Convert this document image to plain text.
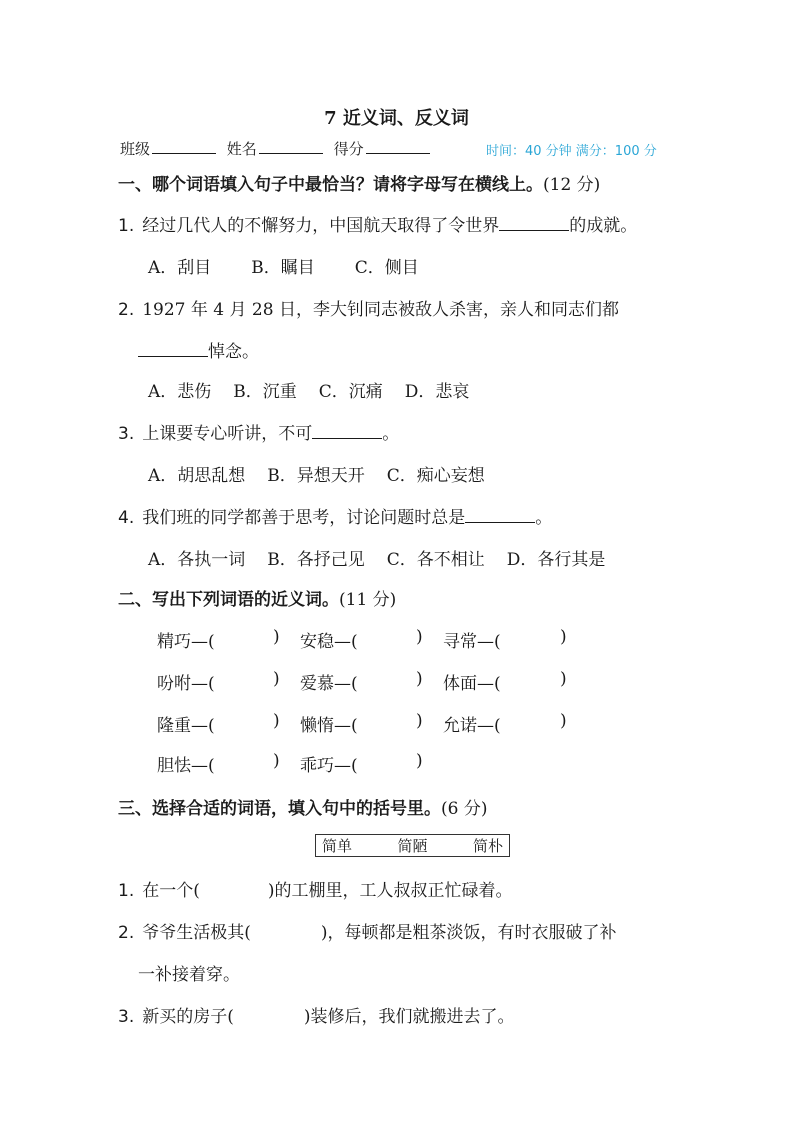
7 近义词、反义词
班级	姓名	得分	时间：40 分钟 满分：100 分
一、哪个词语填入句子中最恰当？请将字母写在横线上。(12 分)
1. 经过几代人的不懈努力，中国航天取得了令世界	的成就。
A．刮目 B．瞩目 C．侧目
2. 1927 年 4 月 28 日，李大钊同志被敌人杀害，亲人和同志们都
悼念。
A．悲伤 B．沉重 C．沉痛 D．悲哀
3. 上课要专心听讲，不可	。
A．胡思乱想 B．异想天开 C．痴心妄想
4. 我们班的同学都善于思考，讨论问题时总是	。
A．各执一词 B．各抒己见 C．各不相让 D．各行其是
二、写出下列词语的近义词。(11 分)
精巧—(	) 安稳—(	) 寻常—(	)
吩咐—(	) 爱慕—(	) 体面—(	)
隆重—(	) 懒惰—(	) 允诺—(	)
胆怯—(	) 乖巧—(	)
三、选择合适的词语，填入句中的括号里。(6 分)
简单	简陋	简朴
1. 在一个(	)的工棚里，工人叔叔正忙碌着。
2. 爷爷生活极其(	)，每顿都是粗茶淡饭，有时衣服破了补
一补接着穿。
3. 新买的房子(	)装修后，我们就搬进去了。
